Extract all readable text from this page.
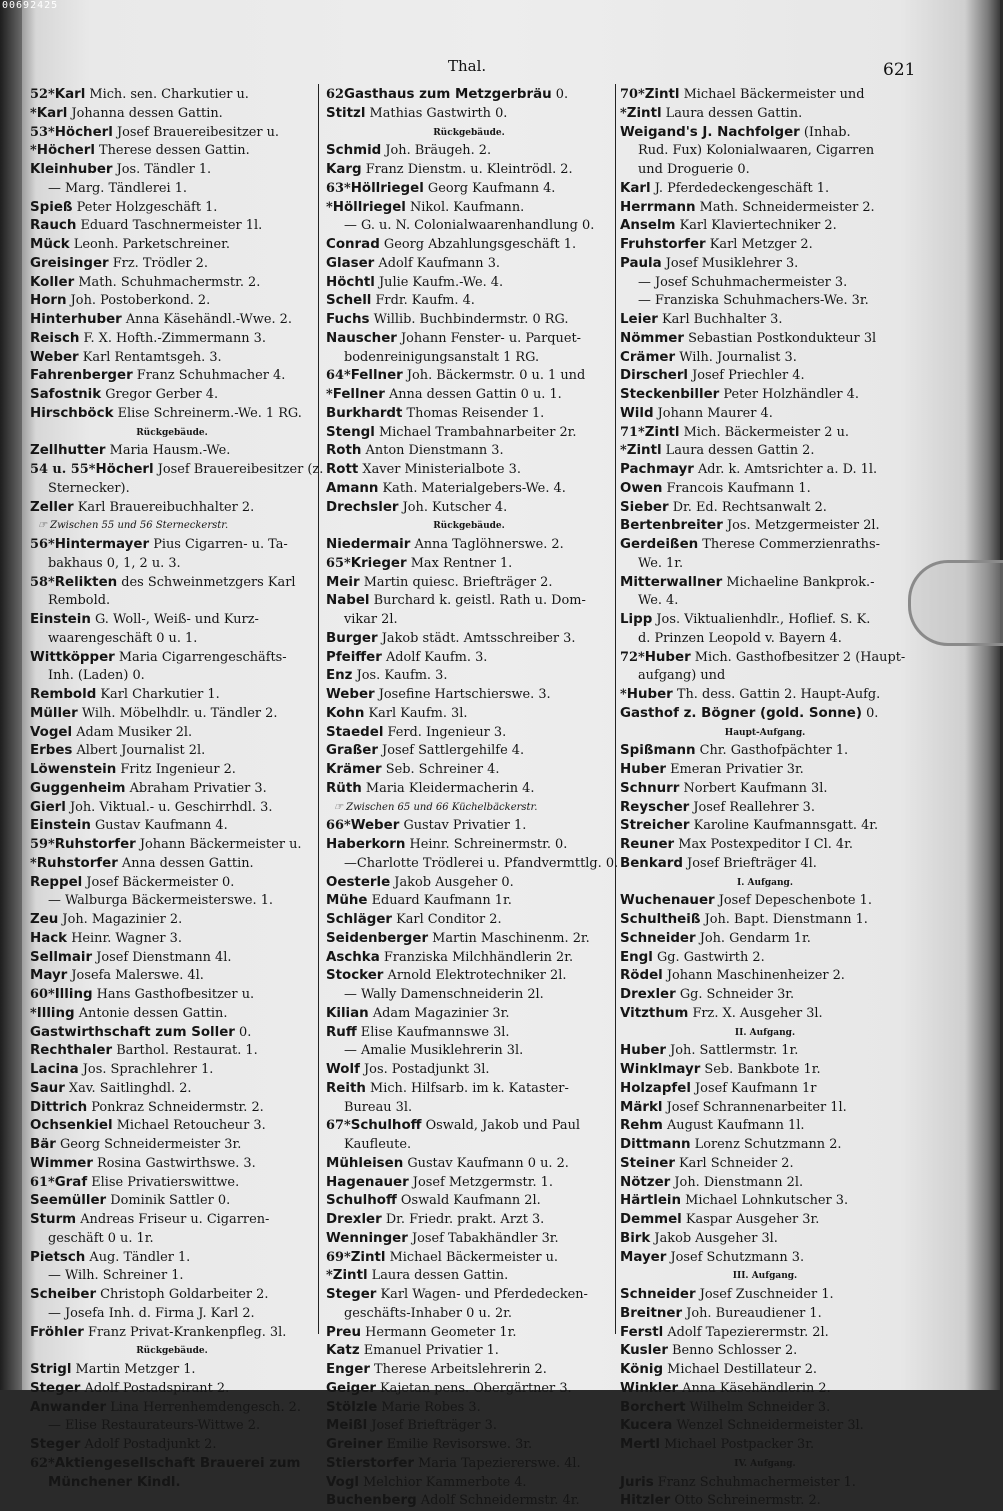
00692425
Thal.	621
52*Karl Mich. sen. Charkutier u.
*Karl Johanna dessen Gattin.
53*Höcherl Josef Brauereibesitzer u.
*Höcherl Therese dessen Gattin.
Kleinhuber Jos. Tändler 1.
— Marg. Tändlerei 1.
Spieß Peter Holzgeschäft 1.
Rauch Eduard Taschnermeister 1l.
Mück Leonh. Parketschreiner.
Greisinger Frz. Trödler 2.
Koller Math. Schuhmachermstr. 2.
Horn Joh. Postoberkond. 2.
Hinterhuber Anna Käsehändl.-Wwe. 2.
Reisch F. X. Hofth.-Zimmermann 3.
Weber Karl Rentamtsgeh. 3.
Fahrenberger Franz Schuhmacher 4.
Safostnik Gregor Gerber 4.
Hirschböck Elise Schreinerm.-We. 1 RG.
Rückgebäude.
Zellhutter Maria Hausm.-We.
54 u. 55*Höcherl Josef Brauereibesitzer (z.
Sternecker).
Zeller Karl Brauereibuchhalter 2.
☞ Zwischen 55 und 56 Sterneckerstr.
56*Hintermayer Pius Cigarren- u. Ta-
bakhaus 0, 1, 2 u. 3.
58*Relikten des Schweinmetzgers Karl
Rembold.
Einstein G. Woll-, Weiß- und Kurz-
waarengeschäft 0 u. 1.
Wittköpper Maria Cigarrengeschäfts-
Inh. (Laden) 0.
Rembold Karl Charkutier 1.
Müller Wilh. Möbelhdlr. u. Tändler 2.
Vogel Adam Musiker 2l.
Erbes Albert Journalist 2l.
Löwenstein Fritz Ingenieur 2.
Guggenheim Abraham Privatier 3.
Gierl Joh. Viktual.- u. Geschirrhdl. 3.
Einstein Gustav Kaufmann 4.
59*Ruhstorfer Johann Bäckermeister u.
*Ruhstorfer Anna dessen Gattin.
Reppel Josef Bäckermeister 0.
— Walburga Bäckermeisterswe. 1.
Zeu Joh. Magazinier 2.
Hack Heinr. Wagner 3.
Sellmair Josef Dienstmann 4l.
Mayr Josefa Malerswe. 4l.
60*Illing Hans Gasthofbesitzer u.
*Illing Antonie dessen Gattin.
Gastwirthschaft zum Soller 0.
Rechthaler Barthol. Restaurat. 1.
Lacina Jos. Sprachlehrer 1.
Saur Xav. Saitlinghdl. 2.
Dittrich Ponkraz Schneidermstr. 2.
Ochsenkiel Michael Retoucheur 3.
Bär Georg Schneidermeister 3r.
Wimmer Rosina Gastwirthswe. 3.
61*Graf Elise Privatierswittwe.
Seemüller Dominik Sattler 0.
Sturm Andreas Friseur u. Cigarren-
geschäft 0 u. 1r.
Pietsch Aug. Tändler 1.
— Wilh. Schreiner 1.
Scheiber Christoph Goldarbeiter 2.
— Josefa Inh. d. Firma J. Karl 2.
Fröhler Franz Privat-Krankenpfleg. 3l.
Rückgebäude.
Strigl Martin Metzger 1.
Steger Adolf Postadspirant 2.
Anwander Lina Herrenhemdengesch. 2.
— Elise Restaurateurs-Wittwe 2.
Steger Adolf Postadjunkt 2.
62*Aktiengesellschaft Brauerei zum
Münchener Kindl.
62Gasthaus zum Metzgerbräu 0.
Stitzl Mathias Gastwirth 0.
Rückgebäude.
Schmid Joh. Bräugeh. 2.
Karg Franz Dienstm. u. Kleintrödl. 2.
63*Höllriegel Georg Kaufmann 4.
*Höllriegel Nikol. Kaufmann.
— G. u. N. Colonialwaarenhandlung 0.
Conrad Georg Abzahlungsgeschäft 1.
Glaser Adolf Kaufmann 3.
Höchtl Julie Kaufm.-We. 4.
Schell Frdr. Kaufm. 4.
Fuchs Willib. Buchbindermstr. 0 RG.
Nauscher Johann Fenster- u. Parquet-
bodenreinigungsanstalt 1 RG.
64*Fellner Joh. Bäckermstr. 0 u. 1 und
*Fellner Anna dessen Gattin 0 u. 1.
Burkhardt Thomas Reisender 1.
Stengl Michael Trambahnarbeiter 2r.
Roth Anton Dienstmann 3.
Rott Xaver Ministerialbote 3.
Amann Kath. Materialgebers-We. 4.
Drechsler Joh. Kutscher 4.
Rückgebäude.
Niedermair Anna Taglöhnerswe. 2.
65*Krieger Max Rentner 1.
Meir Martin quiesc. Briefträger 2.
Nabel Burchard k. geistl. Rath u. Dom-
vikar 2l.
Burger Jakob städt. Amtsschreiber 3.
Pfeiffer Adolf Kaufm. 3.
Enz Jos. Kaufm. 3.
Weber Josefine Hartschierswe. 3.
Kohn Karl Kaufm. 3l.
Staedel Ferd. Ingenieur 3.
Graßer Josef Sattlergehilfe 4.
Krämer Seb. Schreiner 4.
Rüth Maria Kleidermacherin 4.
☞ Zwischen 65 und 66 Küchelbäckerstr.
66*Weber Gustav Privatier 1.
Haberkorn Heinr. Schreinermstr. 0.
—Charlotte Trödlerei u. Pfandvermttlg. 0.
Oesterle Jakob Ausgeher 0.
Mühe Eduard Kaufmann 1r.
Schläger Karl Conditor 2.
Seidenberger Martin Maschinenm. 2r.
Aschka Franziska Milchhändlerin 2r.
Stocker Arnold Elektrotechniker 2l.
— Wally Damenschneiderin 2l.
Kilian Adam Magazinier 3r.
Ruff Elise Kaufmannswe 3l.
— Amalie Musiklehrerin 3l.
Wolf Jos. Postadjunkt 3l.
Reith Mich. Hilfsarb. im k. Kataster-
Bureau 3l.
67*Schulhoff Oswald, Jakob und Paul
Kaufleute.
Mühleisen Gustav Kaufmann 0 u. 2.
Hagenauer Josef Metzgermstr. 1.
Schulhoff Oswald Kaufmann 2l.
Drexler Dr. Friedr. prakt. Arzt 3.
Wenninger Josef Tabakhändler 3r.
69*Zintl Michael Bäckermeister u.
*Zintl Laura dessen Gattin.
Steger Karl Wagen- und Pferdedecken-
geschäfts-Inhaber 0 u. 2r.
Preu Hermann Geometer 1r.
Katz Emanuel Privatier 1.
Enger Therese Arbeitslehrerin 2.
Geiger Kajetan pens. Obergärtner 3.
Stölzle Marie Robes 3.
Meißl Josef Briefträger 3.
Greiner Emilie Revisorswe. 3r.
Stierstorfer Maria Tapeziererswe. 4l.
Vogl Melchior Kammerbote 4.
Buchenberg Adolf Schneidermstr. 4r.
70*Zintl Michael Bäckermeister und
*Zintl Laura dessen Gattin.
Weigand's J. Nachfolger (Inhab.
Rud. Fux) Kolonialwaaren, Cigarren
und Droguerie 0.
Karl J. Pferdedeckengeschäft 1.
Herrmann Math. Schneidermeister 2.
Anselm Karl Klaviertechniker 2.
Fruhstorfer Karl Metzger 2.
Paula Josef Musiklehrer 3.
— Josef Schuhmachermeister 3.
— Franziska Schuhmachers-We. 3r.
Leier Karl Buchhalter 3.
Nömmer Sebastian Postkondukteur 3l
Crämer Wilh. Journalist 3.
Dirscherl Josef Priechler 4.
Steckenbiller Peter Holzhändler 4.
Wild Johann Maurer 4.
71*Zintl Mich. Bäckermeister 2 u.
*Zintl Laura dessen Gattin 2.
Pachmayr Adr. k. Amtsrichter a. D. 1l.
Owen Francois Kaufmann 1.
Sieber Dr. Ed. Rechtsanwalt 2.
Bertenbreiter Jos. Metzgermeister 2l.
Gerdeißen Therese Commerzienraths-
We. 1r.
Mitterwallner Michaeline Bankprok.-
We. 4.
Lipp Jos. Viktualienhdlr., Hoflief. S. K.
d. Prinzen Leopold v. Bayern 4.
72*Huber Mich. Gasthofbesitzer 2 (Haupt-
aufgang) und
*Huber Th. dess. Gattin 2. Haupt-Aufg.
Gasthof z. Bögner (gold. Sonne) 0.
Haupt-Aufgang.
Spißmann Chr. Gasthofpächter 1.
Huber Emeran Privatier 3r.
Schnurr Norbert Kaufmann 3l.
Reyscher Josef Reallehrer 3.
Streicher Karoline Kaufmannsgatt. 4r.
Reuner Max Postexpeditor I Cl. 4r.
Benkard Josef Briefträger 4l.
I. Aufgang.
Wuchenauer Josef Depeschenbote 1.
Schultheiß Joh. Bapt. Dienstmann 1.
Schneider Joh. Gendarm 1r.
Engl Gg. Gastwirth 2.
Rödel Johann Maschinenheizer 2.
Drexler Gg. Schneider 3r.
Vitzthum Frz. X. Ausgeher 3l.
II. Aufgang.
Huber Joh. Sattlermstr. 1r.
Winklmayr Seb. Bankbote 1r.
Holzapfel Josef Kaufmann 1r
Märkl Josef Schrannenarbeiter 1l.
Rehm August Kaufmann 1l.
Dittmann Lorenz Schutzmann 2.
Steiner Karl Schneider 2.
Nötzer Joh. Dienstmann 2l.
Härtlein Michael Lohnkutscher 3.
Demmel Kaspar Ausgeher 3r.
Birk Jakob Ausgeher 3l.
Mayer Josef Schutzmann 3.
III. Aufgang.
Schneider Josef Zuschneider 1.
Breitner Joh. Bureaudiener 1.
Ferstl Adolf Tapezierermstr. 2l.
Kusler Benno Schlosser 2.
König Michael Destillateur 2.
Winkler Anna Käsehändlerin 2.
Borchert Wilhelm Schneider 3.
Kucera Wenzel Schneidermeister 3l.
Mertl Michael Postpacker 3r.
IV. Aufgang.
Juris Franz Schuhmachermeister 1.
Hitzler Otto Schreinermstr. 2.
